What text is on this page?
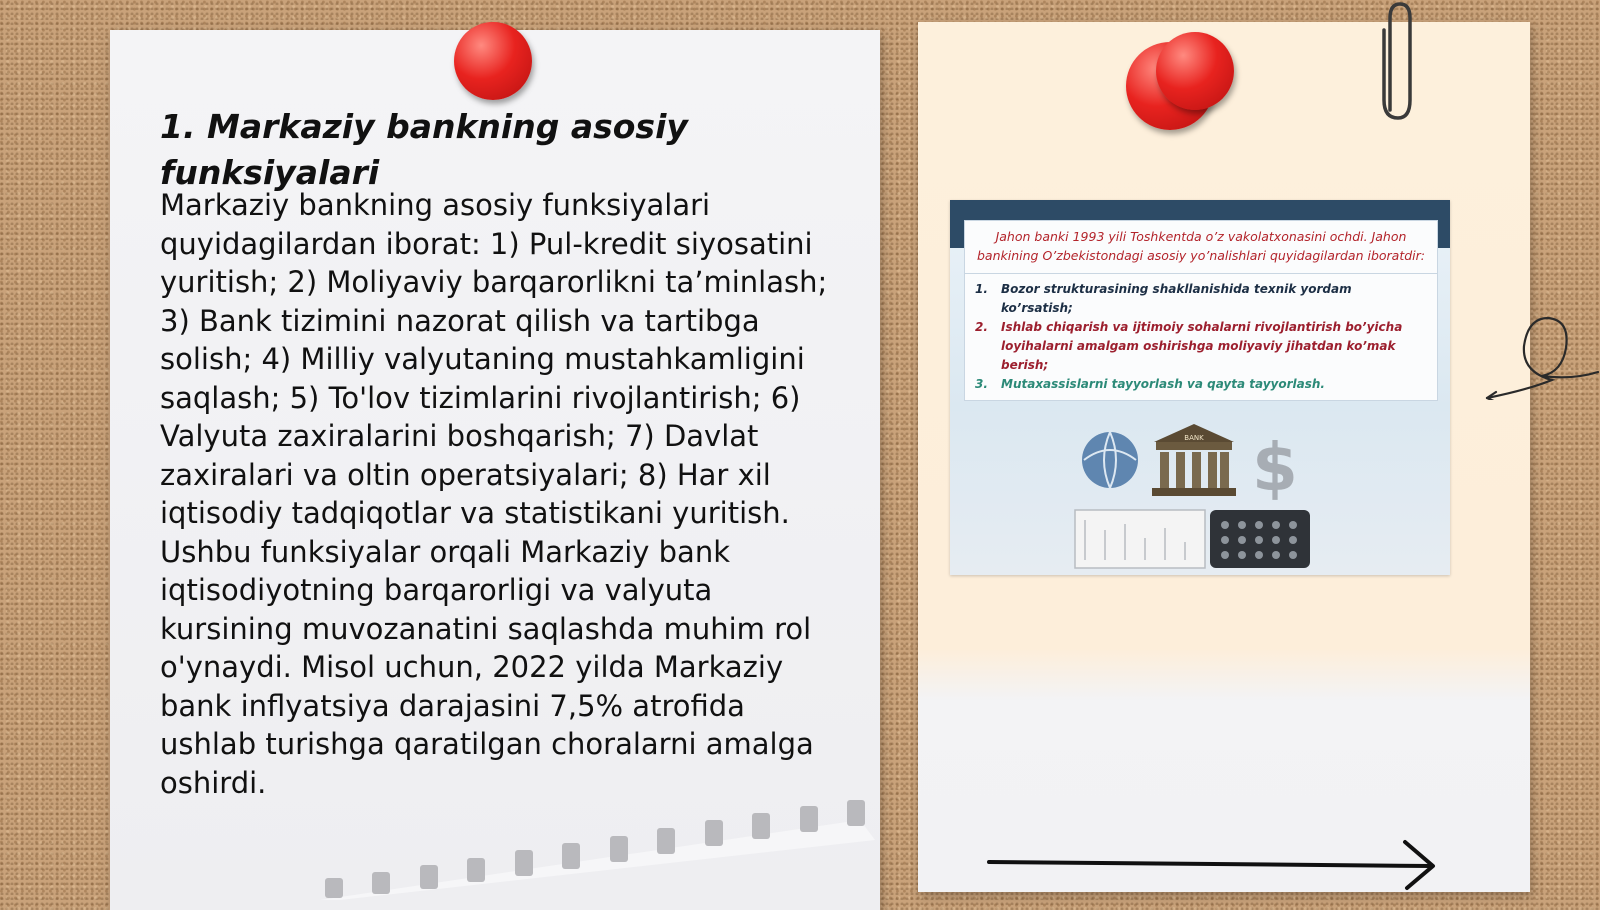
1. Markaziy bankning asosiy funksiyalari
Markaziy bankning asosiy funksiyalari quyidagilardan iborat: 1) Pul-kredit siyosatini yuritish; 2) Moliyaviy barqarorlikni ta’minlash; 3) Bank tizimini nazorat qilish va tartibga solish; 4) Milliy valyutaning mustahkamligini saqlash; 5) To'lov tizimlarini rivojlantirish; 6) Valyuta zaxiralarini boshqarish; 7) Davlat zaxiralari va oltin operatsiyalari; 8) Har xil iqtisodiy tadqiqotlar va statistikani yuritish. Ushbu funksiyalar orqali Markaziy bank iqtisodiyotning barqarorligi va valyuta kursining muvozanatini saqlashda muhim rol o'ynaydi. Misol uchun, 2022 yilda Markaziy bank inflyatsiya darajasini 7,5% atrofida ushlab turishga qaratilgan choralarni amalga oshirdi.
Jahon banki 1993 yili Toshkentda o’z vakolatxonasini ochdi. Jahon bankining O’zbekistondagi asosiy yo’nalishlari quyidagilardan iboratdir:
1. Bozor strukturasining shakllanishida texnik yordam ko’rsatish;
2. Ishlab chiqarish va ijtimoiy sohalarni rivojlantirish bo’yicha loyihalarni amalgam oshirishga moliyaviy jihatdan ko’mak berish;
3. Mutaxassislarni tayyorlash va qayta tayyorlash.
BANK $
